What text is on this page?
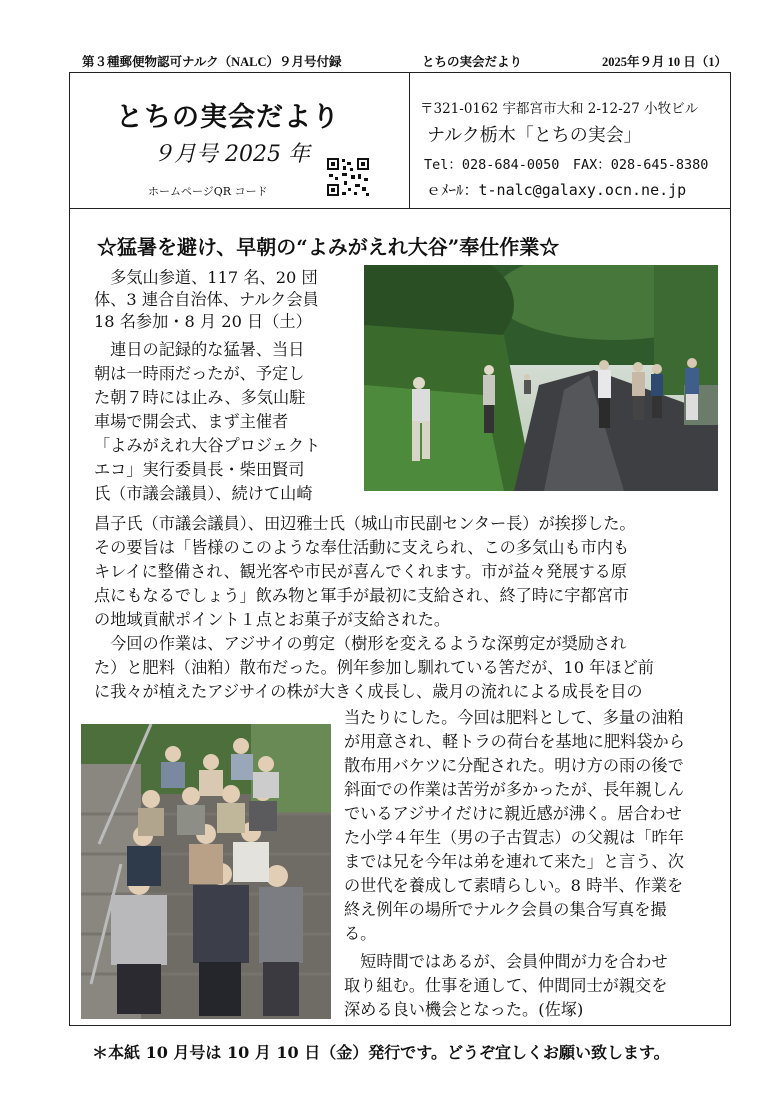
第３種郵便物認可ナルク（NALC）９月号付録	とちの実会だより	2025年９月 10 日（1）
とちの実会だより
９月号 2025 年
ホームページQR コード
〒321-0162 宇都宮市大和 2-12-27 小牧ビル
ナルク栃木「とちの実会」
Tel：028-684-0050　FAX：028-645-8380
ｅﾒｰﾙ：t-nalc@galaxy.ocn.ne.jp
☆猛暑を避け、早朝の“よみがえれ大谷”奉仕作業☆
　多気山参道、117 名、20 団
体、3 連合自治体、ナルク会員
18 名参加・8 月 20 日（土）
　連日の記録的な猛暑、当日
朝は一時雨だったが、予定し
た朝７時には止み、多気山駐
車場で開会式、まず主催者
「よみがえれ大谷プロジェクト
エコ」実行委員長・柴田賢司
氏（市議会議員）、続けて山崎
昌子氏（市議会議員）、田辺雅士氏（城山市民副センター長）が挨拶した。
その要旨は「皆様のこのような奉仕活動に支えられ、この多気山も市内も
キレイに整備され、観光客や市民が喜んでくれます。市が益々発展する原
点にもなるでしょう」飲み物と軍手が最初に支給され、終了時に宇都宮市
の地域貢献ポイント１点とお菓子が支給された。
　今回の作業は、アジサイの剪定（樹形を変えるような深剪定が奨励され
た）と肥料（油粕）散布だった。例年参加し馴れている筈だが、10 年ほど前
に我々が植えたアジサイの株が大きく成長し、歳月の流れによる成長を目の
当たりにした。今回は肥料として、多量の油粕
が用意され、軽トラの荷台を基地に肥料袋から
散布用バケツに分配された。明け方の雨の後で
斜面での作業は苦労が多かったが、長年親しん
でいるアジサイだけに親近感が沸く。居合わせ
た小学４年生（男の子古賀志）の父親は「昨年
までは兄を今年は弟を連れて来た」と言う、次
の世代を養成して素晴らしい。8 時半、作業を
終え例年の場所でナルク会員の集合写真を撮
る。
　短時間ではあるが、会員仲間が力を合わせ
取り組む。仕事を通して、仲間同士が親交を
深める良い機会となった。(佐塚)
＊本紙 10 月号は 10 月 10 日（金）発行です。どうぞ宜しくお願い致します。
